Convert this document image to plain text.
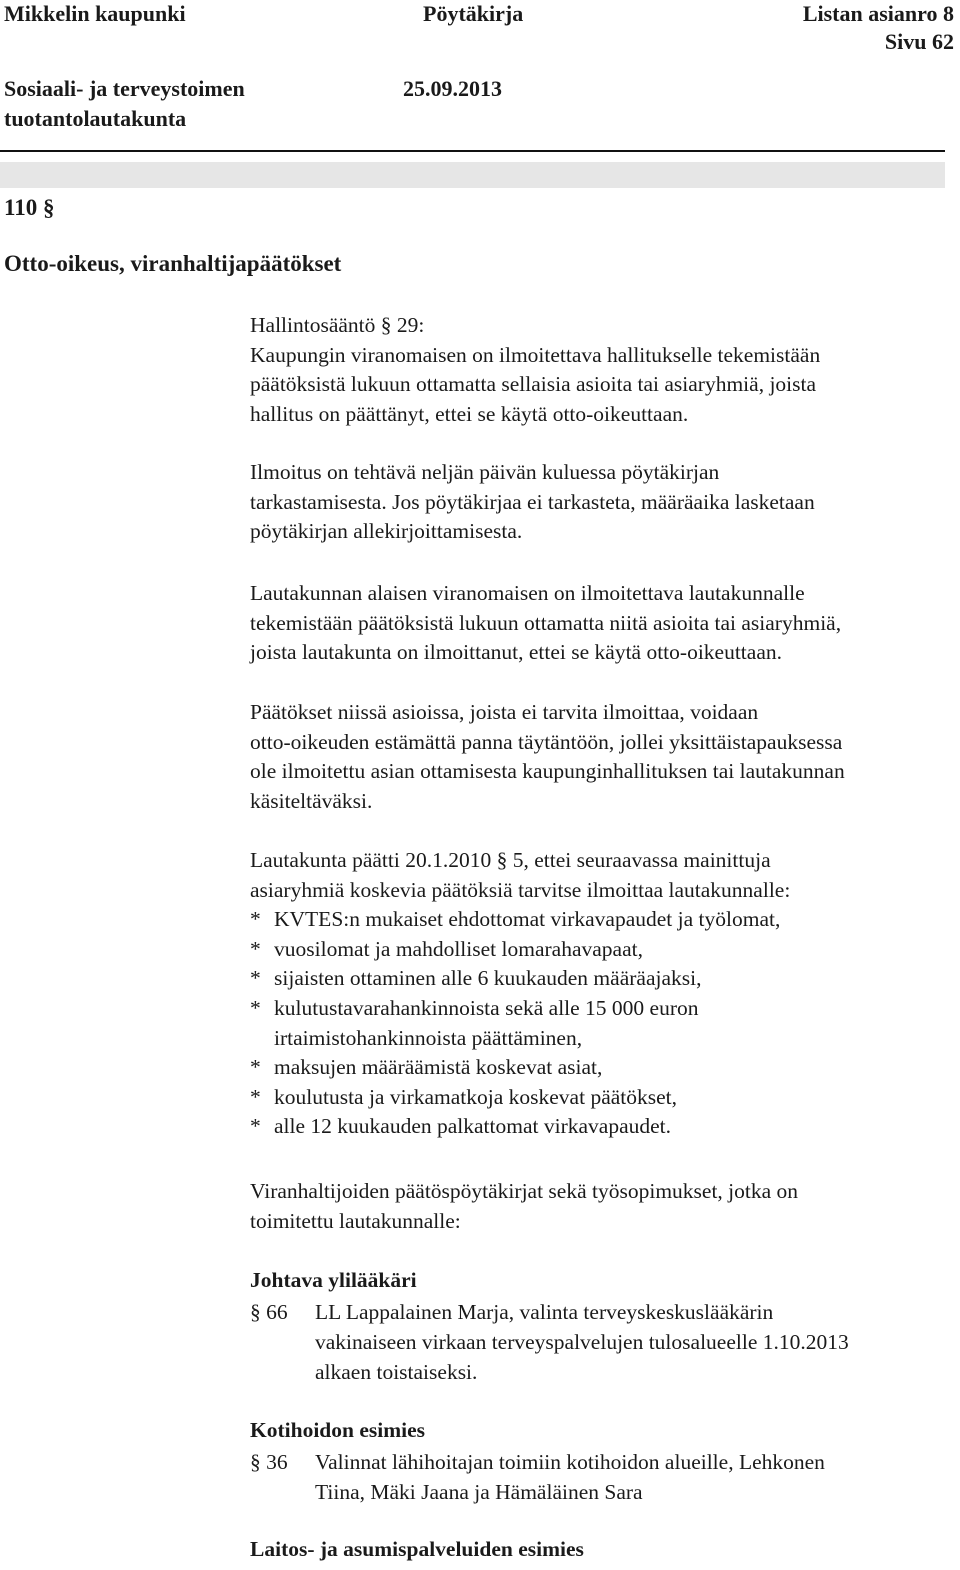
Mikkelin kaupunki	Pöytäkirja	Listan asianro 8
Sivu 62
Sosiaali- ja terveystoimen
tuotantolautakunta
25.09.2013
110 §
Otto-oikeus, viranhaltijapäätökset

Hallintosääntö § 29:

Kaupungin viranomaisen on ilmoitettava hallitukselle tekemistään

päätöksistä lukuun ottamatta sellaisia asioita tai asiaryhmiä, joista

hallitus on päättänyt, ettei se käytä otto-oikeuttaan.

Ilmoitus on tehtävä neljän päivän kuluessa pöytäkirjan

tarkastamisesta. Jos pöytäkirjaa ei tarkasteta, määräaika lasketaan

pöytäkirjan allekirjoittamisesta.

Lautakunnan alaisen viranomaisen on ilmoitettava lautakunnalle

tekemistään päätöksistä lukuun ottamatta niitä asioita tai asiaryhmiä,

joista lautakunta on ilmoittanut, ettei se käytä otto-oikeuttaan.

Päätökset niissä asioissa, joista ei tarvita ilmoittaa, voidaan

otto-oikeuden estämättä panna täytäntöön, jollei yksittäistapauksessa

ole ilmoitettu asian ottamisesta kaupunginhallituksen tai lautakunnan

käsiteltäväksi.

Lautakunta päätti 20.1.2010 § 5, ettei seuraavassa mainittuja

asiaryhmiä koskevia päätöksiä tarvitse ilmoittaa lautakunnalle:

* KVTES:n mukaiset ehdottomat virkavapaudet ja työlomat,
* vuosilomat ja mahdolliset lomarahavapaat,
* sijaisten ottaminen alle 6 kuukauden määräajaksi,
* kulutustavarahankinnoista sekä alle 15 000 euron
irtaimistohankinnoista päättäminen,
* maksujen määräämistä koskevat asiat,
* koulutusta ja virkamatkoja koskevat päätökset,
* alle 12 kuukauden palkattomat virkavapaudet.

Viranhaltijoiden päätöspöytäkirjat sekä työsopimukset, jotka on

toimitettu lautakunnalle:

Johtava ylilääkäri
§ 66	LL Lappalainen Marja, valinta terveyskeskuslääkärin
vakinaiseen virkaan terveyspalvelujen tulosalueelle 1.10.2013
alkaen toistaiseksi.
Kotihoidon esimies
§ 36	Valinnat lähihoitajan toimiin kotihoidon alueille, Lehkonen
Tiina, Mäki Jaana ja Hämäläinen Sara
Laitos- ja asumispalveluiden esimies
